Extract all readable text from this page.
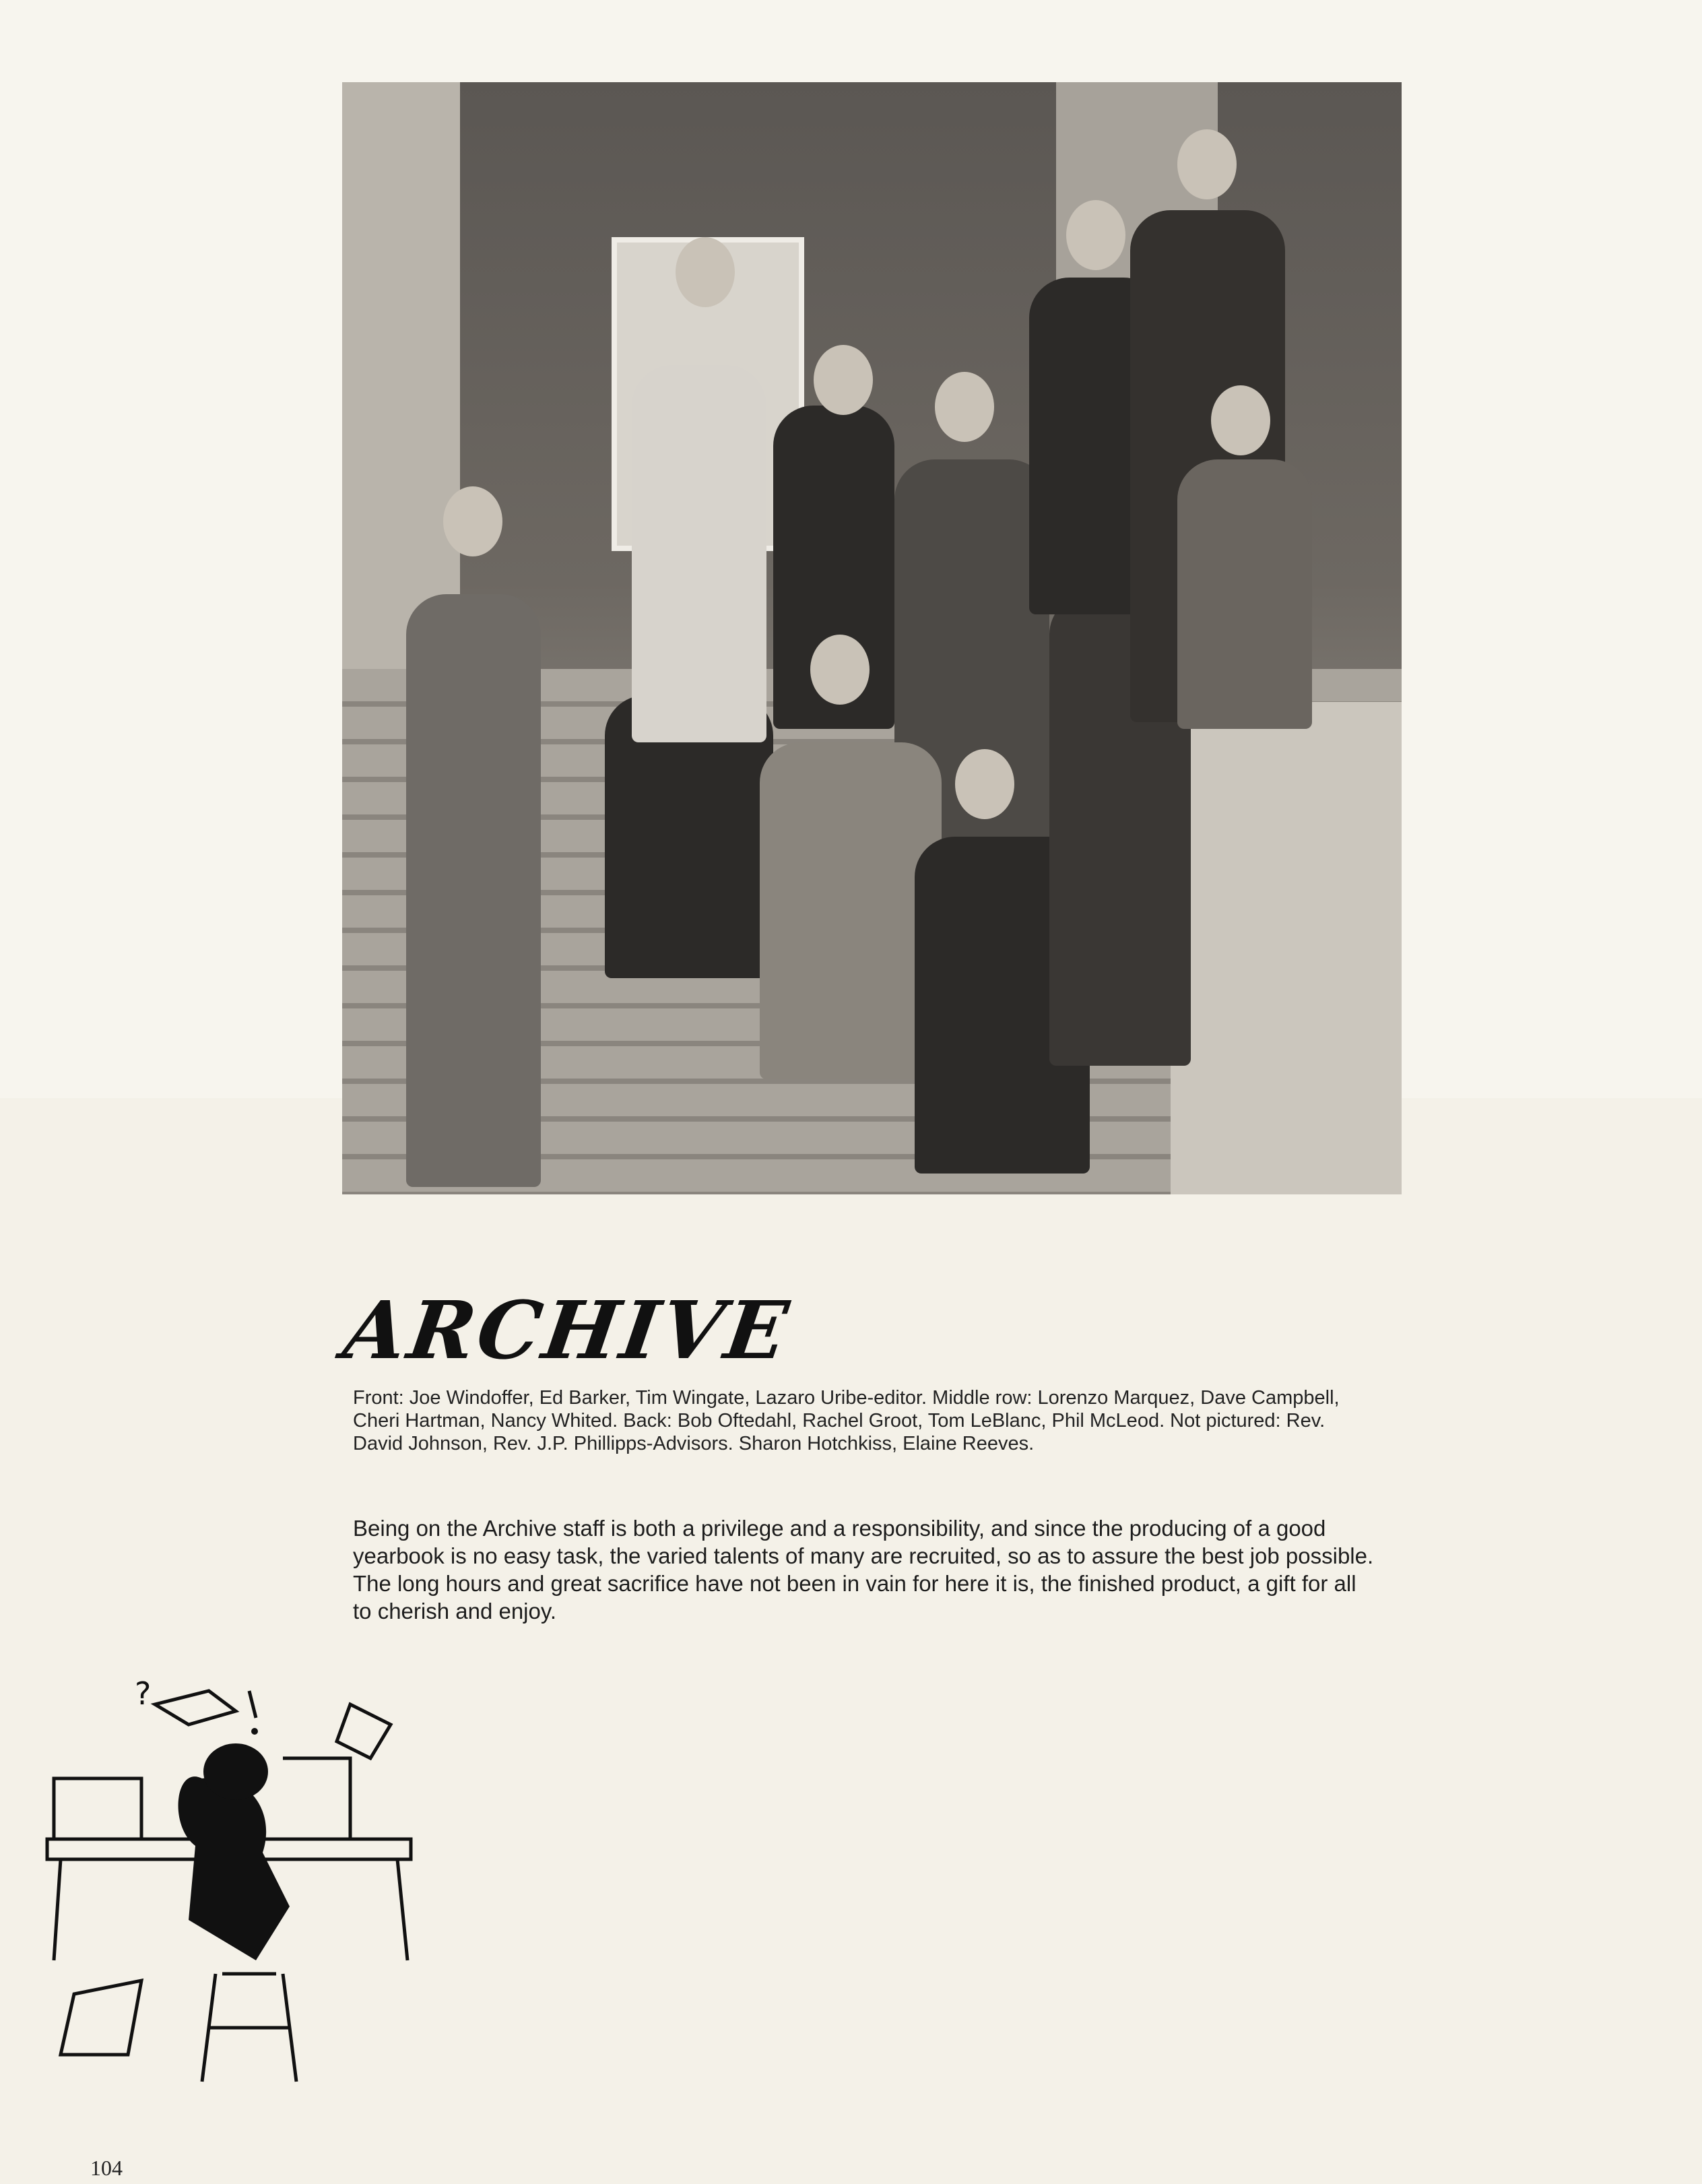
ARCHIVE
Front: Joe Windoffer, Ed Barker, Tim Wingate, Lazaro Uribe-editor. Middle row: Lorenzo Marquez, Dave Campbell, Cheri Hartman, Nancy Whited. Back: Bob Oftedahl, Rachel Groot, Tom LeBlanc, Phil McLeod. Not pictured: Rev. David Johnson, Rev. J.P. Phillipps-Advisors. Sharon Hotchkiss, Elaine Reeves.
Being on the Archive staff is both a privilege and a responsibility, and since the producing of a good yearbook is no easy task, the varied talents of many are recruited, so as to assure the best job possible. The long hours and great sacrifice have not been in vain for here it is, the finished product, a gift for all to cherish and enjoy.
?
104
